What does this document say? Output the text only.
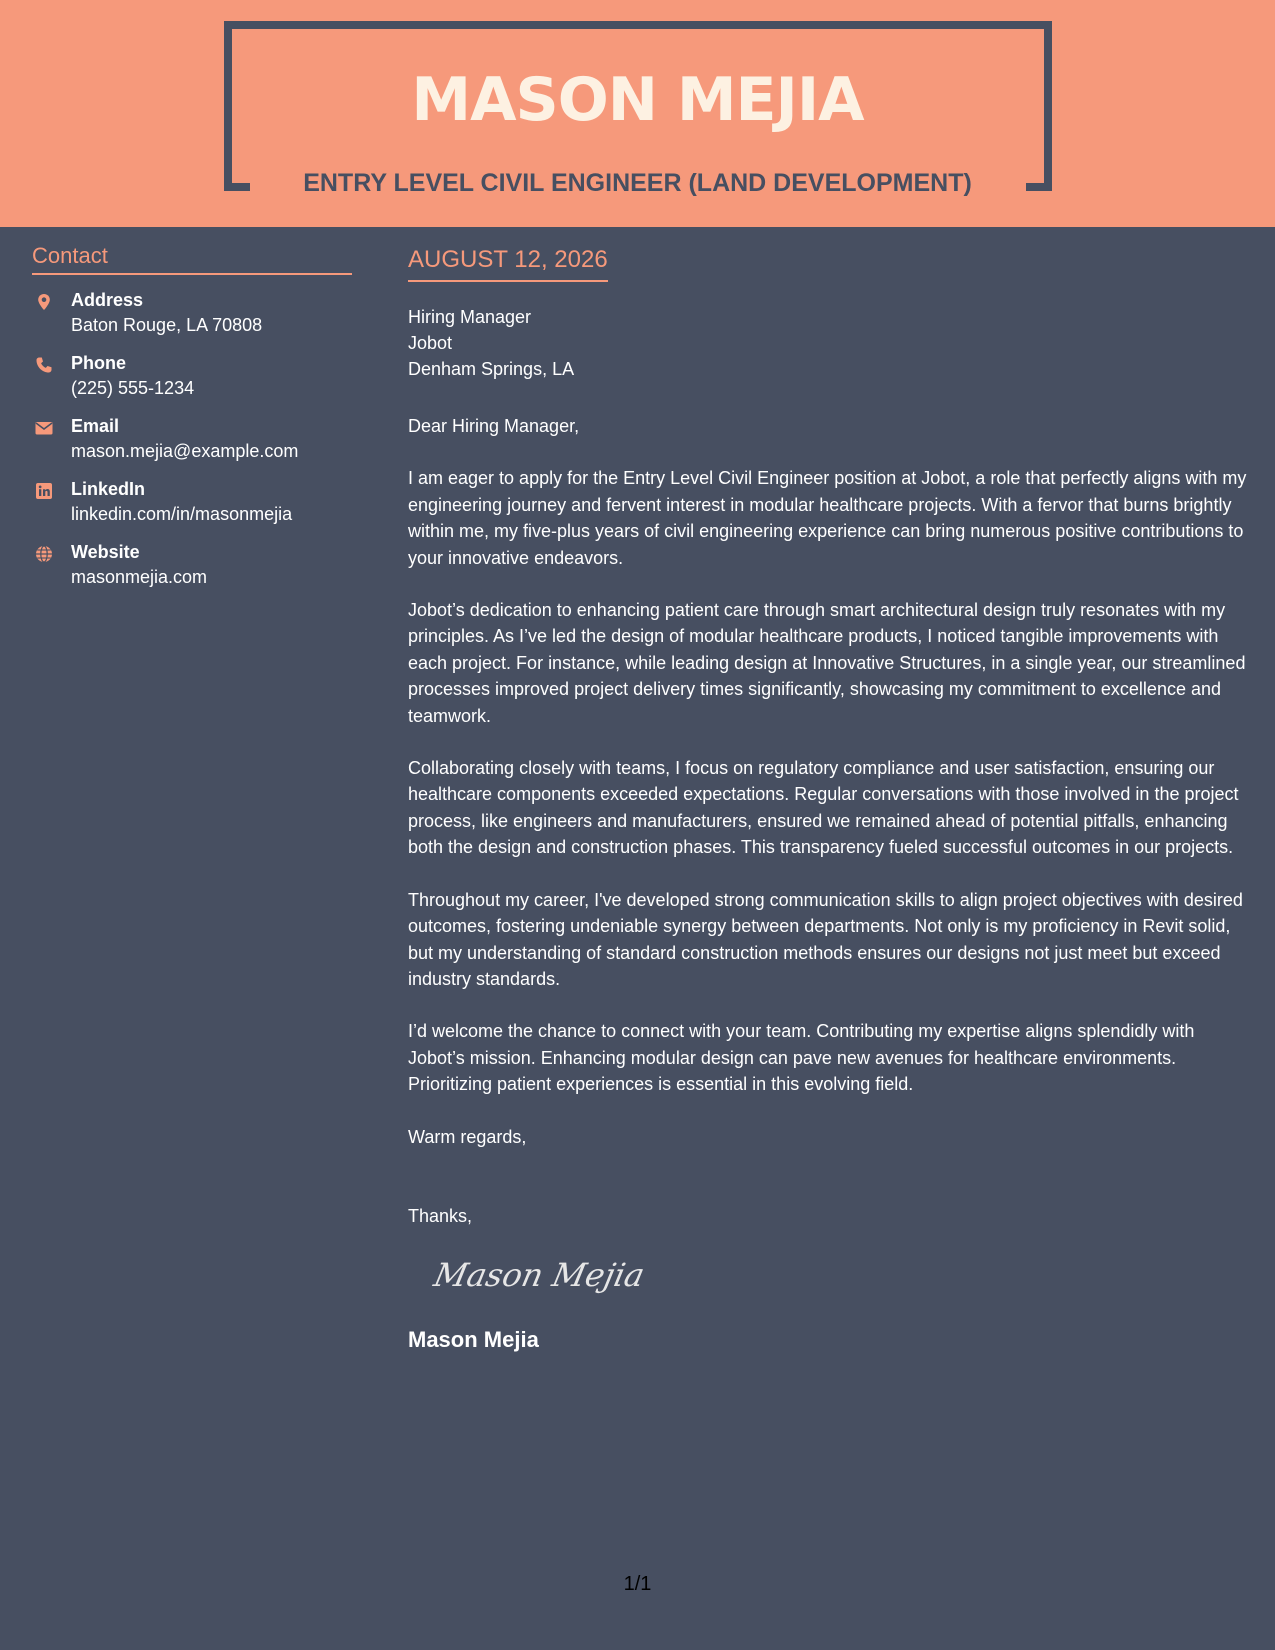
MASON MEJIA
ENTRY LEVEL CIVIL ENGINEER (LAND DEVELOPMENT)
Contact
Address
Baton Rouge, LA 70808
Phone
(225) 555-1234
Email
mason.mejia@example.com
LinkedIn
linkedin.com/in/masonmejia
Website
masonmejia.com
AUGUST 12, 2026
Hiring Manager
Jobot
Denham Springs, LA

Dear Hiring Manager,

I am eager to apply for the Entry Level Civil Engineer position at Jobot, a role that perfectly aligns with my engineering journey and fervent interest in modular healthcare projects. With a fervor that burns brightly within me, my five-plus years of civil engineering experience can bring numerous positive contributions to your innovative endeavors.

Jobot’s dedication to enhancing patient care through smart architectural design truly resonates with my principles. As I’ve led the design of modular healthcare products, I noticed tangible improvements with each project. For instance, while leading design at Innovative Structures, in a single year, our streamlined processes improved project delivery times significantly, showcasing my commitment to excellence and teamwork.

Collaborating closely with teams, I focus on regulatory compliance and user satisfaction, ensuring our healthcare components exceeded expectations. Regular conversations with those involved in the project process, like engineers and manufacturers, ensured we remained ahead of potential pitfalls, enhancing both the design and construction phases. This transparency fueled successful outcomes in our projects.

Throughout my career, I've developed strong communication skills to align project objectives with desired outcomes, fostering undeniable synergy between departments. Not only is my proficiency in Revit solid, but my understanding of standard construction methods ensures our designs not just meet but exceed industry standards.

I’d welcome the chance to connect with your team. Contributing my expertise aligns splendidly with Jobot’s mission. Enhancing modular design can pave new avenues for healthcare environments. Prioritizing patient experiences is essential in this evolving field.

Warm regards,

Thanks,

Mason Mejia
Mason Mejia
1/1
